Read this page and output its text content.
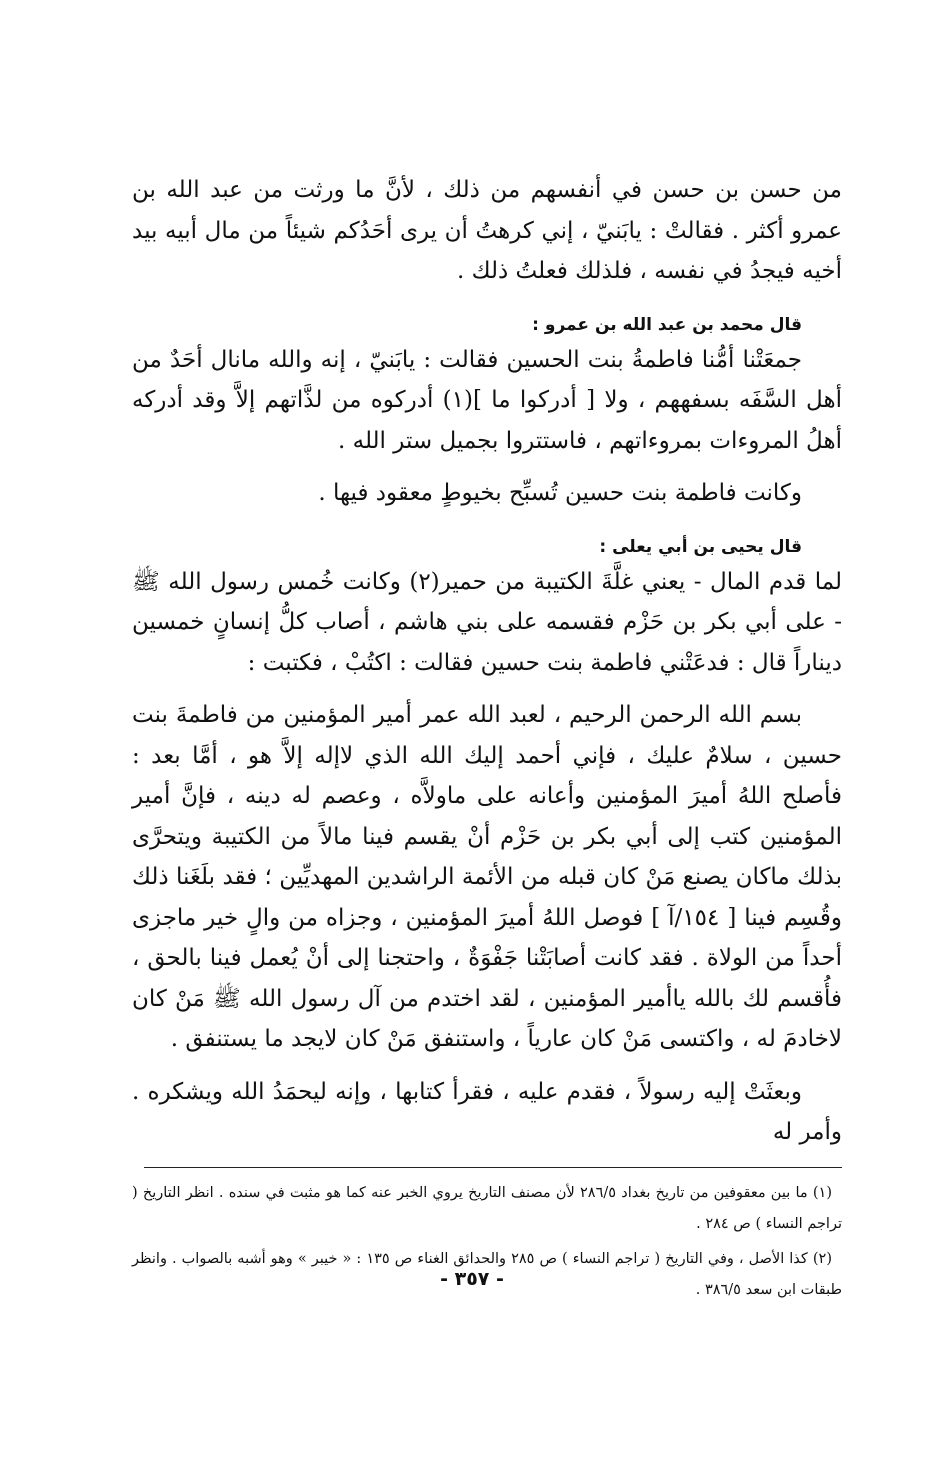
من حسن بن حسن في أنفسهم من ذلك ، لأنَّ ما ورثت من عبد الله بن عمرو أكثر . فقالتْ : يابَنيّ ، إني كرهتُ أن يرى أحَدُكم شيئاً من مال أبيه بيد أخيه فيجدُ في نفسه ، فلذلك فعلتُ ذلك .

قال محمد بن عبد الله بن عمرو :

جمعَتْنا أمُّنا فاطمةُ بنت الحسين فقالت : يابَنيّ ، إنه والله مانال أحَدٌ من أهل السَّفَه بسفههم ، ولا [ أدركوا ما ](١) أدركوه من لذَّاتهم إلاَّ وقد أدركه أهلُ المروءات بمروءاتهم ، فاستتروا بجميل ستر الله .

وكانت فاطمة بنت حسين تُسبِّح بخيوطٍ معقود فيها .

قال يحيى بن أبي يعلى :

لما قدم المال - يعني غلَّةَ الكتيبة من حمير(٢) وكانت خُمس رسول الله ﷺ - على أبي بكر بن حَزْم فقسمه على بني هاشم ، أصاب كلُّ إنسانٍ خمسين ديناراً قال : فدعَتْني فاطمة بنت حسين فقالت : اكتُبْ ، فكتبت :

بسم الله الرحمن الرحيم ، لعبد الله عمر أمير المؤمنين من فاطمةَ بنت حسين ، سلامٌ عليك ، فإني أحمد إليك الله الذي لاإله إلاَّ هو ، أمَّا بعد : فأصلح اللهُ أميرَ المؤمنين وأعانه على ماولاَّه ، وعصم له دينه ، فإنَّ أمير المؤمنين كتب إلى أبي بكر بن حَزْم أنْ يقسم فينا مالاً من الكتيبة ويتحرَّى بذلك ماكان يصنع مَنْ كان قبله من الأئمة الراشدين المهديِّين ؛ فقد بلَغَنا ذلك وقُسِم فينا [ ١٥٤/آ ] فوصل اللهُ أميرَ المؤمنين ، وجزاه من والٍ خير ماجزى أحداً من الولاة . فقد كانت أصابَتْنا جَفْوَةٌ ، واحتجنا إلى أنْ يُعمل فينا بالحق ، فأُقسم لك بالله ياأمير المؤمنين ، لقد اختدم من آل رسول الله ﷺ مَنْ كان لاخادمَ له ، واكتسى مَنْ كان عارياً ، واستنفق مَنْ كان لايجد ما يستنفق .

وبعثَتْ إليه رسولاً ، فقدم عليه ، فقرأ كتابها ، وإنه ليحمَدُ الله ويشكره . وأمر له

(١) ما بين معقوفين من تاريخ بغداد ٢٨٦/٥ لأن مصنف التاريخ يروي الخبر عنه كما هو مثبت في سنده . انظر التاريخ ( تراجم النساء ) ص ٢٨٤ .

(٢) كذا الأصل ، وفي التاريخ ( تراجم النساء ) ص ٢٨٥ والحدائق الغناء ص ١٣٥ : « خيبر » وهو أشبه بالصواب . وانظر طبقات ابن سعد ٣٨٦/٥ .

- ٣٥٧ -
